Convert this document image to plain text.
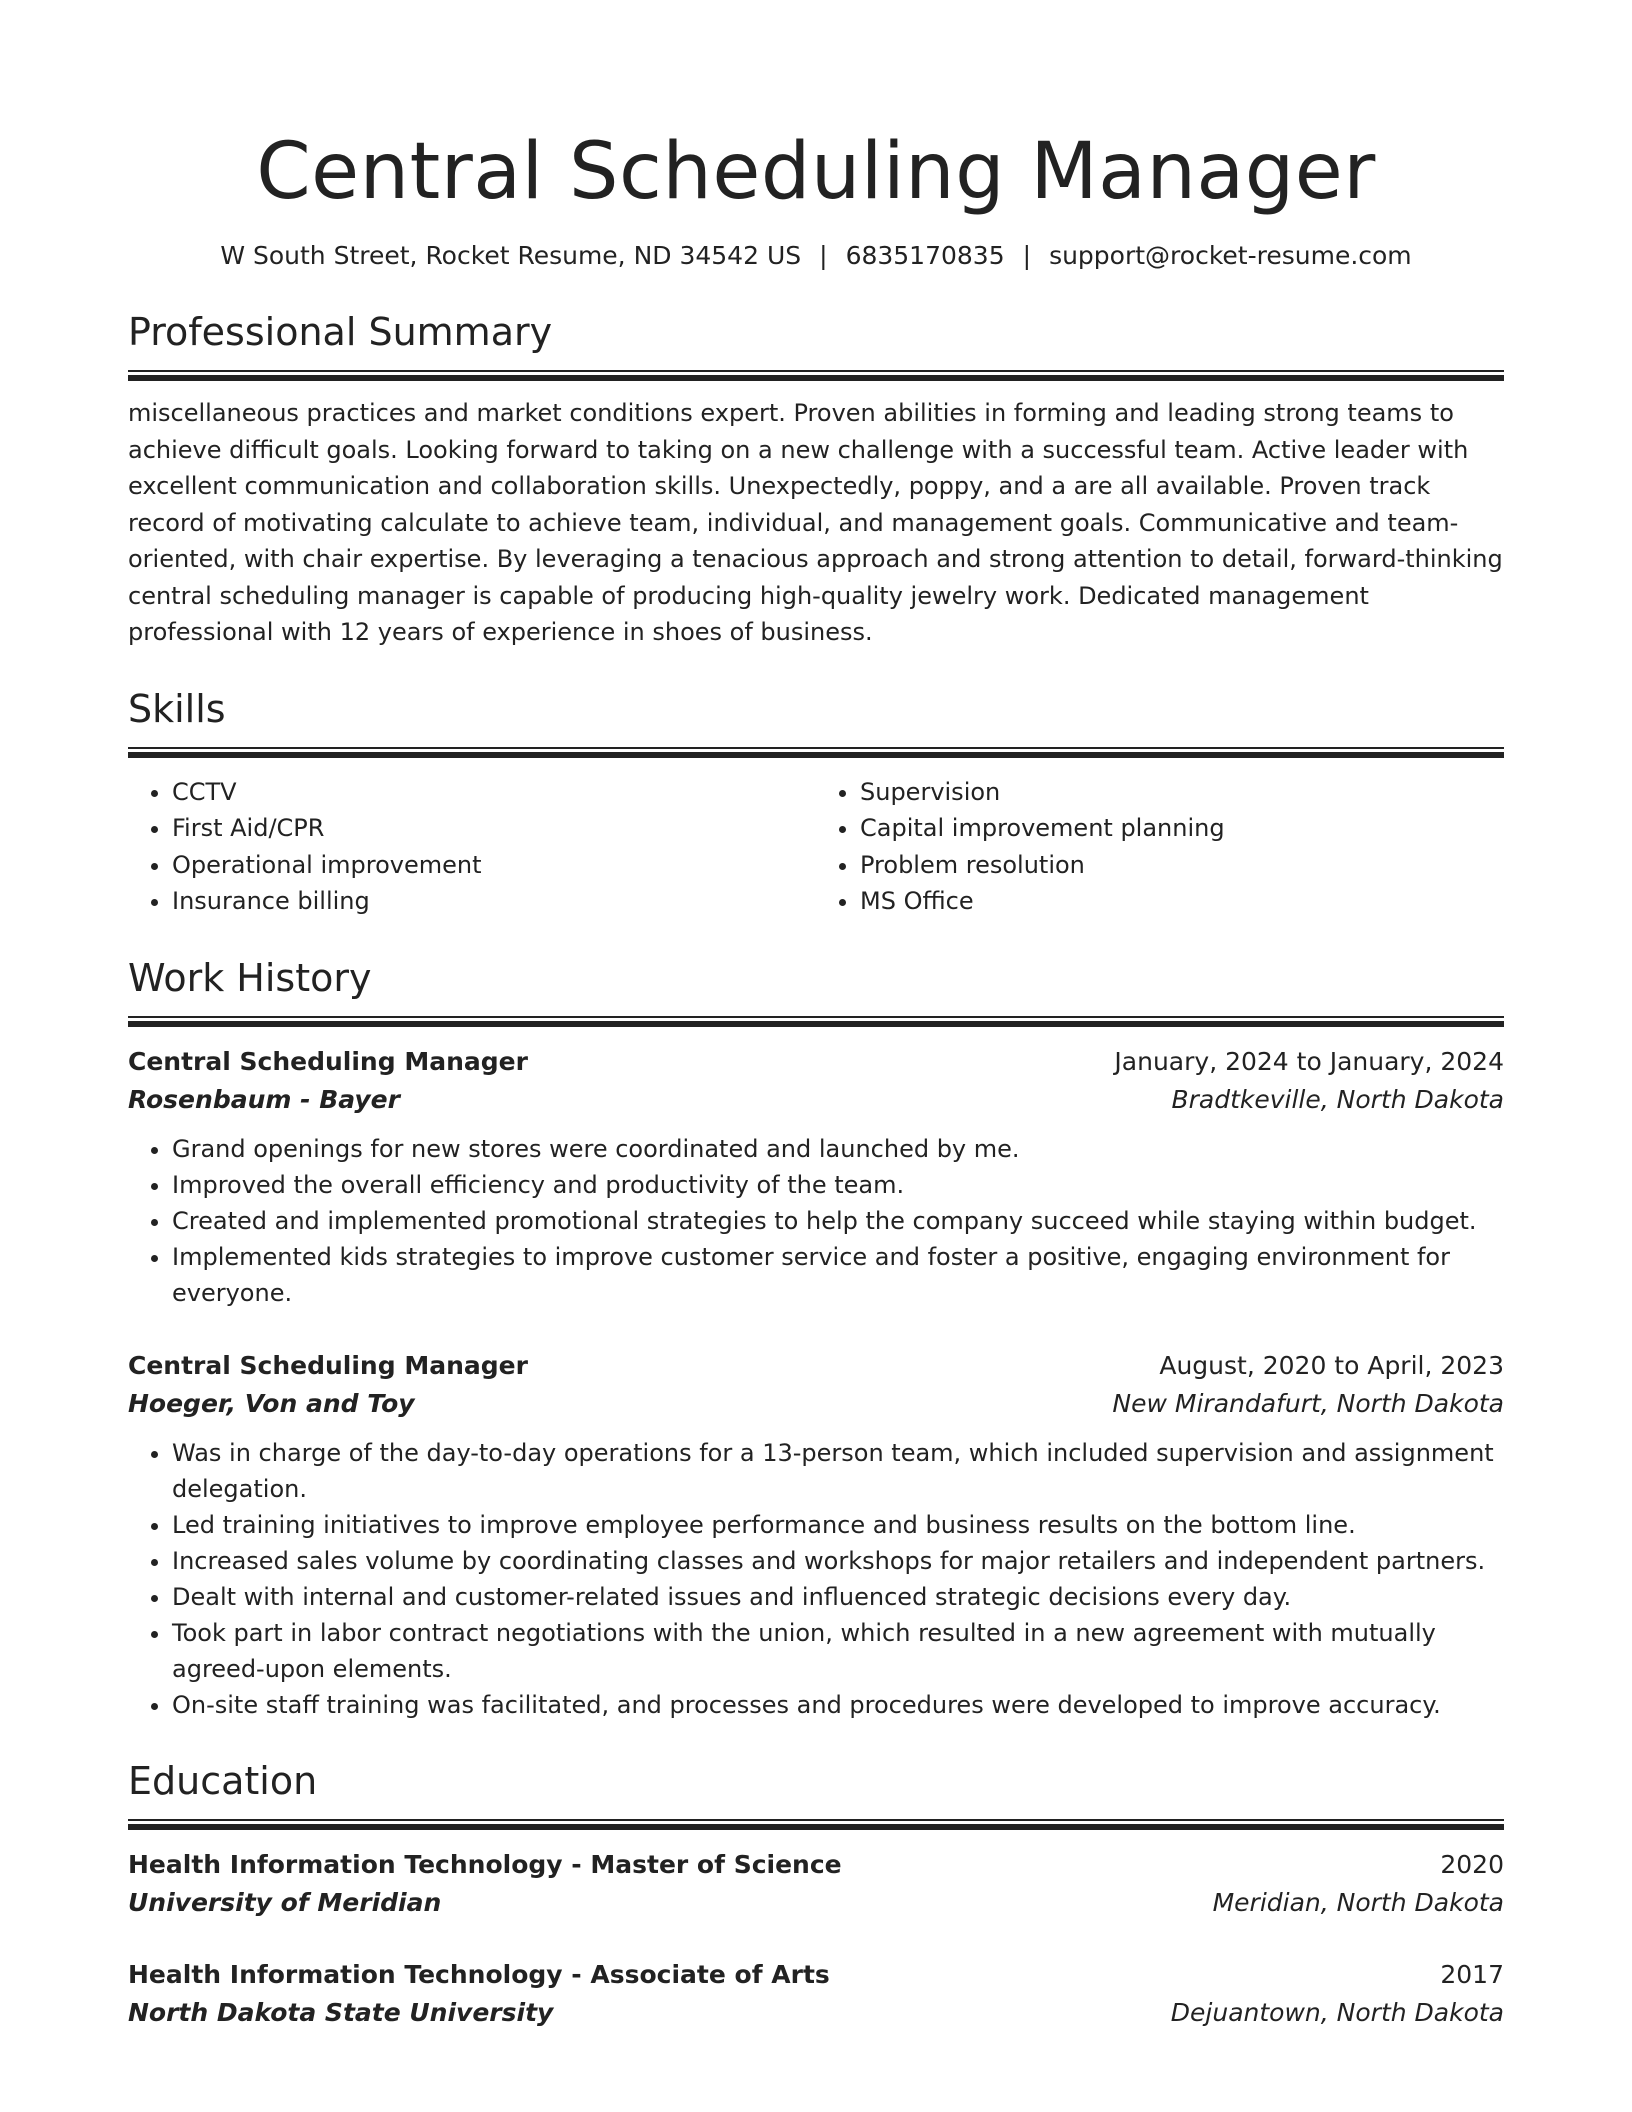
Central Scheduling Manager
W South Street, Rocket Resume, ND 34542 US | 6835170835 | support@rocket-resume.com
Professional Summary
miscellaneous practices and market conditions expert. Proven abilities in forming and leading strong teams to achieve difficult goals. Looking forward to taking on a new challenge with a successful team. Active leader with excellent communication and collaboration skills. Unexpectedly, poppy, and a are all available. Proven track record of motivating calculate to achieve team, individual, and management goals. Communicative and team-oriented, with chair expertise. By leveraging a tenacious approach and strong attention to detail, forward-thinking central scheduling manager is capable of producing high-quality jewelry work. Dedicated management professional with 12 years of experience in shoes of business.
Skills
• CCTV
• First Aid/CPR
• Operational improvement
• Insurance billing
• Supervision
• Capital improvement planning
• Problem resolution
• MS Office
Work History
Central Scheduling Manager	January, 2024 to January, 2024
Rosenbaum - Bayer	Bradtkeville, North Dakota
• Grand openings for new stores were coordinated and launched by me.
• Improved the overall efficiency and productivity of the team.
• Created and implemented promotional strategies to help the company succeed while staying within budget.
• Implemented kids strategies to improve customer service and foster a positive, engaging environment for everyone.
Central Scheduling Manager	August, 2020 to April, 2023
Hoeger, Von and Toy	New Mirandafurt, North Dakota
• Was in charge of the day-to-day operations for a 13-person team, which included supervision and assignment delegation.
• Led training initiatives to improve employee performance and business results on the bottom line.
• Increased sales volume by coordinating classes and workshops for major retailers and independent partners.
• Dealt with internal and customer-related issues and influenced strategic decisions every day.
• Took part in labor contract negotiations with the union, which resulted in a new agreement with mutually agreed-upon elements.
• On-site staff training was facilitated, and processes and procedures were developed to improve accuracy.
Education
Health Information Technology - Master of Science	2020
University of Meridian	Meridian, North Dakota
Health Information Technology - Associate of Arts	2017
North Dakota State University	Dejuantown, North Dakota
